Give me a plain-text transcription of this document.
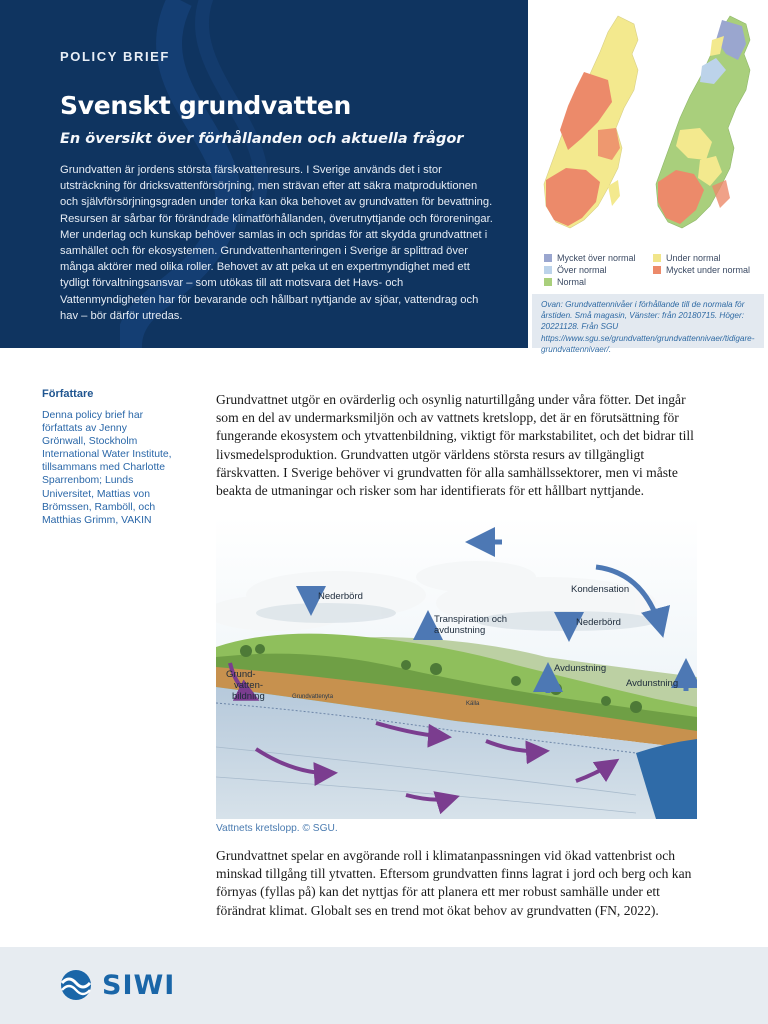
POLICY BRIEF
Svenskt grundvatten
En översikt över förhållanden och aktuella frågor

Grundvatten är jordens största färskvattenresurs. I Sverige används det i stor utsträckning för dricksvattenförsörjning, men strävan efter att säkra matproduktionen och självförsörjningsgraden under torka kan öka behovet av grundvatten för bevattning. Resursen är sårbar för förändrade klimatförhållanden, överutnyttjande och föroreningar. Mer underlag och kunskap behöver samlas in och spridas för att skydda grundvattnet i samhället och för ekosystemen. Grundvattenhanteringen i Sverige är splittrad över många aktörer med olika roller. Behovet av att peka ut en expertmyndighet med ett tydligt förvaltningsansvar – som utökas till att motsvara det Havs- och Vattenmyndigheten har för bevarande och hållbart nyttjande av sjöar, vattendrag och hav – bör därför utredas.

Mycket över normal	Under normal
Över normal	Mycket under normal
Normal

Ovan: Grundvattennivåer i förhållande till de normala för årstiden. Små magasin, Vänster: från 20180715. Höger: 20221128. Från SGU https://www.sgu.se/grundvatten/grundvattennivaer/tidigare-grundvattennivaer/.

Författare

Denna policy brief har författats av Jenny Grönwall, Stockholm International Water Institute, tillsammans med Charlotte Sparrenbom; Lunds Universitet, Mattias von Brömssen, Ramböll, och Matthias Grimm, VAKIN

Grundvattnet utgör en ovärderlig och osynlig naturtillgång under våra fötter. Det ingår som en del av undermarksmiljön och av vattnets kretslopp, det är en förutsättning för fungerande ekosystem och ytvattenbildning, viktigt för markstabilitet, och det bidrar till livsmedelsproduktion. Grundvatten utgör världens största resurs av tillgängligt färskvatten. I Sverige behöver vi grundvatten för alla samhällssektorer, men vi måste beakta de utmaningar och risker som har identifierats för ett hållbart nyttjande.

Nederbörd
Transpiration och
avdunstning
Kondensation
Nederbörd
Avdunstning
Avdunstning
Grund-
vatten-
bildning	Grundvattenyta
Källa

Vattnets kretslopp. © SGU.

Grundvattnet spelar en avgörande roll i klimatanpassningen vid ökad vattenbrist och minskad tillgång till ytvatten. Eftersom grundvatten finns lagrat i jord och berg och kan förnyas (fyllas på) kan det nyttjas för att planera ett mer robust samhälle under ett förändrat klimat. Globalt ses en trend mot ökat behov av grundvatten (FN, 2022).

SIWI
